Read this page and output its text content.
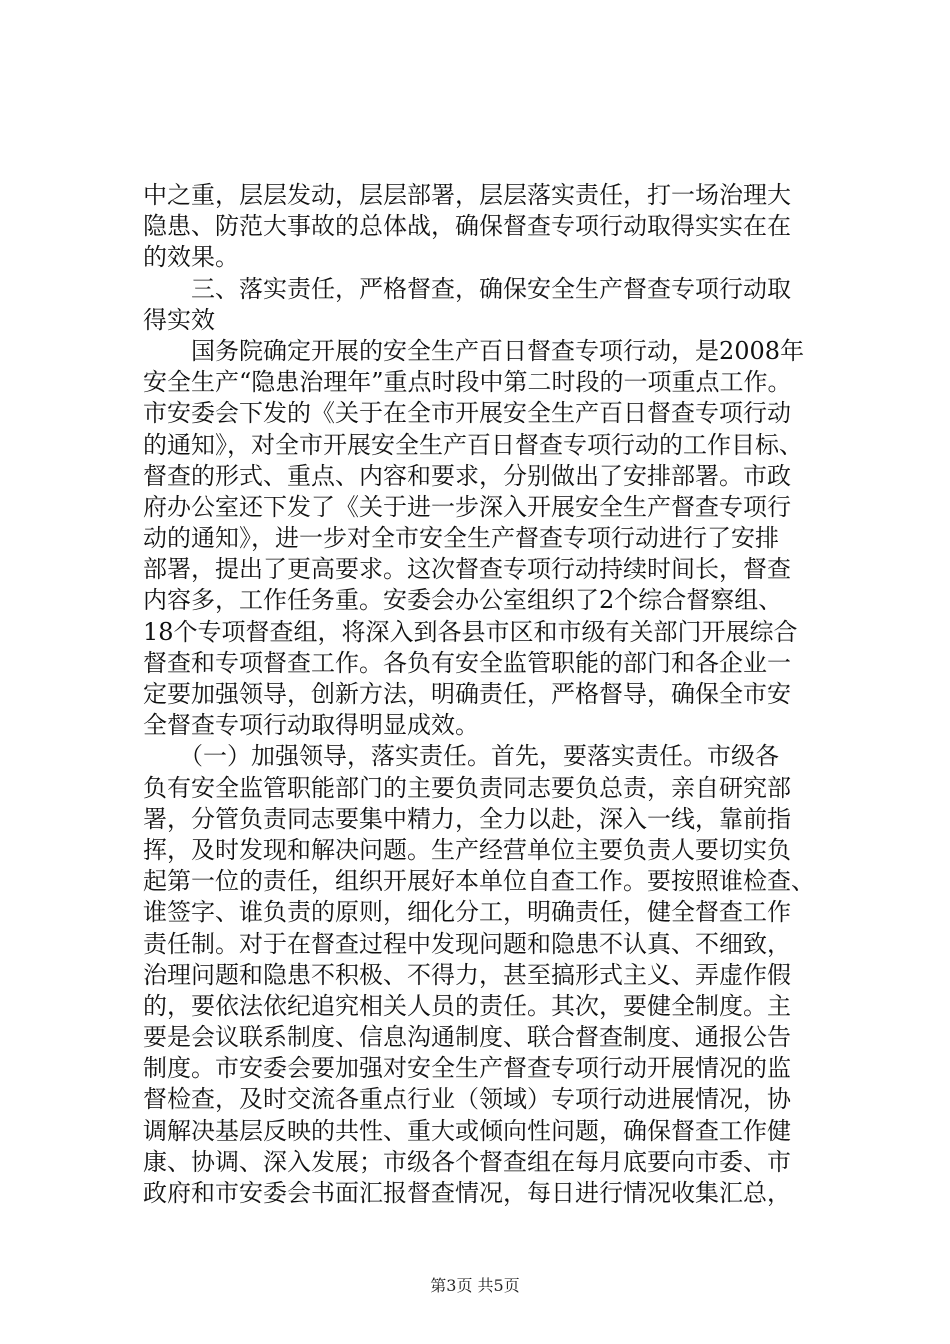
中之重，层层发动，层层部署，层层落实责任，打一场治理大
隐患、防范大事故的总体战，确保督查专项行动取得实实在在
的效果。
　　三、落实责任，严格督查，确保安全生产督查专项行动取
得实效
　　国务院确定开展的安全生产百日督查专项行动，是2008年
安全生产“隐患治理年”重点时段中第二时段的一项重点工作。
市安委会下发的《关于在全市开展安全生产百日督查专项行动
的通知》，对全市开展安全生产百日督查专项行动的工作目标、
督查的形式、重点、内容和要求，分别做出了安排部署。市政
府办公室还下发了《关于进一步深入开展安全生产督查专项行
动的通知》，进一步对全市安全生产督查专项行动进行了安排
部署，提出了更高要求。这次督查专项行动持续时间长，督查
内容多，工作任务重。安委会办公室组织了2个综合督察组、
18个专项督查组，将深入到各县市区和市级有关部门开展综合
督查和专项督查工作。各负有安全监管职能的部门和各企业一
定要加强领导，创新方法，明确责任，严格督导，确保全市安
全督查专项行动取得明显成效。
　　（一）加强领导，落实责任。首先，要落实责任。市级各
负有安全监管职能部门的主要负责同志要负总责，亲自研究部
署，分管负责同志要集中精力，全力以赴，深入一线，靠前指
挥，及时发现和解决问题。生产经营单位主要负责人要切实负
起第一位的责任，组织开展好本单位自查工作。要按照谁检查、
谁签字、谁负责的原则，细化分工，明确责任，健全督查工作
责任制。对于在督查过程中发现问题和隐患不认真、不细致，
治理问题和隐患不积极、不得力，甚至搞形式主义、弄虚作假
的，要依法依纪追究相关人员的责任。其次，要健全制度。主
要是会议联系制度、信息沟通制度、联合督查制度、通报公告
制度。市安委会要加强对安全生产督查专项行动开展情况的监
督检查，及时交流各重点行业（领域）专项行动进展情况，协
调解决基层反映的共性、重大或倾向性问题，确保督查工作健
康、协调、深入发展；市级各个督查组在每月底要向市委、市
政府和市安委会书面汇报督查情况，每日进行情况收集汇总，
第3页 共5页
